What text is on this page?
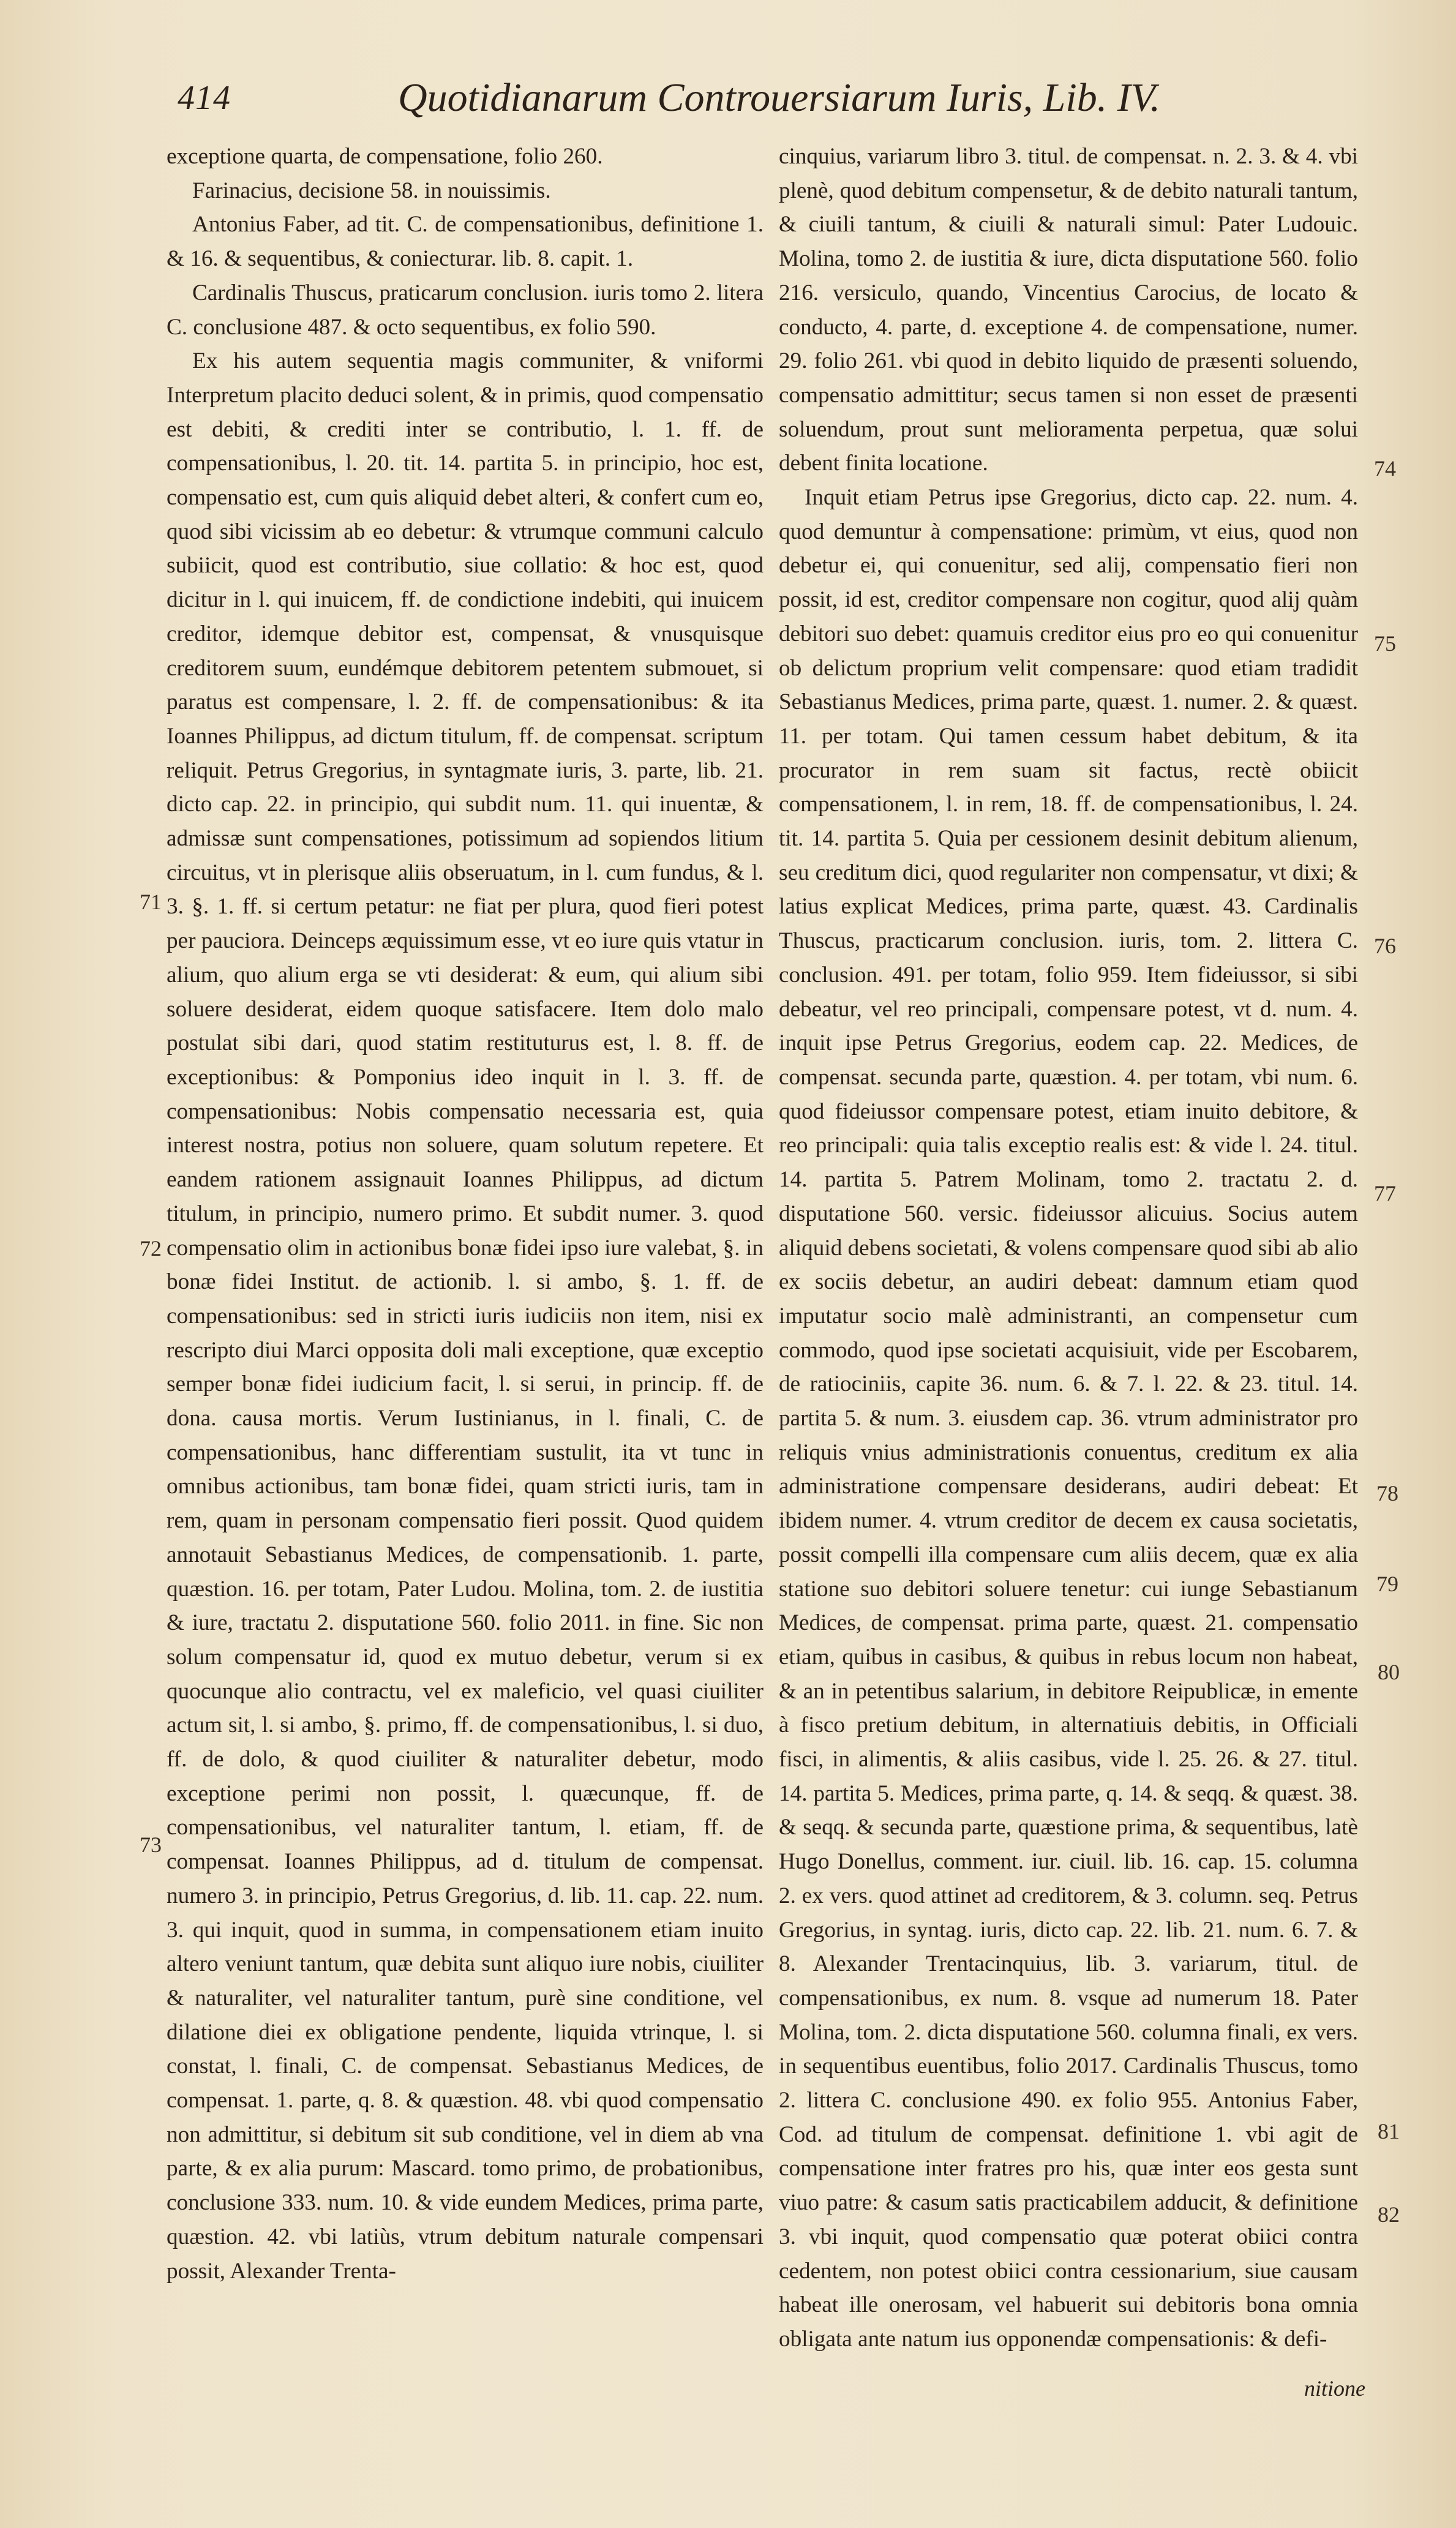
414	Quotidianarum Controuersiarum Iuris, Lib. IV.

exceptione quarta, de compensatione, folio 260.

Farinacius, decisione 58. in nouissimis.

Antonius Faber, ad tit. C. de compensationibus, definitione 1. & 16. & sequentibus, & coniecturar. lib. 8. capit. 1.

Cardinalis Thuscus, praticarum conclusion. iuris tomo 2. litera C. conclusione 487. & octo sequentibus, ex folio 590.

Ex his autem sequentia magis communiter, & vniformi Interpretum placito deduci solent, & in primis, quod compensatio est debiti, & crediti inter se contributio, l. 1. ff. de compensationibus, l. 20. tit. 14. partita 5. in principio, hoc est, compensatio est, cum quis aliquid debet alteri, & confert cum eo, quod sibi vicissim ab eo debetur: & vtrumque communi calculo subiicit, quod est contributio, siue collatio: & hoc est, quod dicitur in l. qui inuicem, ff. de condictione indebiti, qui inuicem creditor, idemque debitor est, compensat, & vnusquisque creditorem suum, eundémque debitorem petentem submouet, si paratus est compensare, l. 2. ff. de compensationibus: & ita Ioannes Philippus, ad dictum titulum, ff. de compensat. scriptum reliquit. Petrus Gregorius, in syntagmate iuris, 3. parte, lib. 21. dicto cap. 22. in principio, qui subdit num. 11. qui inuentæ, & admissæ sunt compensationes, potissimum ad sopiendos litium circuitus, vt in plerisque aliis obseruatum, in l. cum fundus, & l. 3. §. 1. ff. si certum petatur: ne fiat per plura, quod fieri potest per pauciora. Deinceps æquissimum esse, vt eo iure quis vtatur in alium, quo alium erga se vti desiderat: & eum, qui alium sibi soluere desiderat, eidem quoque satisfacere. Item dolo malo postulat sibi dari, quod statim restituturus est, l. 8. ff. de exceptionibus: & Pomponius ideo inquit in l. 3. ff. de compensationibus: Nobis compensatio necessaria est, quia interest nostra, potius non soluere, quam solutum repetere. Et eandem rationem assignauit Ioannes Philippus, ad dictum titulum, in principio, numero primo. Et subdit numer. 3. quod compensatio olim in actionibus bonæ fidei ipso iure valebat, §. in bonæ fidei Institut. de actionib. l. si ambo, §. 1. ff. de compensationibus: sed in stricti iuris iudiciis non item, nisi ex rescripto diui Marci opposita doli mali exceptione, quæ exceptio semper bonæ fidei iudicium facit, l. si serui, in princip. ff. de dona. causa mortis. Verum Iustinianus, in l. finali, C. de compensationibus, hanc differentiam sustulit, ita vt tunc in omnibus actionibus, tam bonæ fidei, quam stricti iuris, tam in rem, quam in personam compensatio fieri possit. Quod quidem annotauit Sebastianus Medices, de compensationib. 1. parte, quæstion. 16. per totam, Pater Ludou. Molina, tom. 2. de iustitia & iure, tractatu 2. disputatione 560. folio 2011. in fine. Sic non solum compensatur id, quod ex mutuo debetur, verum si ex quocunque alio contractu, vel ex maleficio, vel quasi ciuiliter actum sit, l. si ambo, §. primo, ff. de compensationibus, l. si duo, ff. de dolo, & quod ciuiliter & naturaliter debetur, modo exceptione perimi non possit, l. quæcunque, ff. de compensationibus, vel naturaliter tantum, l. etiam, ff. de compensat. Ioannes Philippus, ad d. titulum de compensat. numero 3. in principio, Petrus Gregorius, d. lib. 11. cap. 22. num. 3. qui inquit, quod in summa, in compensationem etiam inuito altero veniunt tantum, quæ debita sunt aliquo iure nobis, ciuiliter & naturaliter, vel naturaliter tantum, purè sine conditione, vel dilatione diei ex obligatione pendente, liquida vtrinque, l. si constat, l. finali, C. de compensat. Sebastianus Medices, de compensat. 1. parte, q. 8. & quæstion. 48. vbi quod compensatio non admittitur, si debitum sit sub conditione, vel in diem ab vna parte, & ex alia purum: Mascard. tomo primo, de probationibus, conclusione 333. num. 10. & vide eundem Medices, prima parte, quæstion. 42. vbi latiùs, vtrum debitum naturale compensari possit, Alexander Trenta-

cinquius, variarum libro 3. titul. de compensat. n. 2. 3. & 4. vbi plenè, quod debitum compensetur, & de debito naturali tantum, & ciuili tantum, & ciuili & naturali simul: Pater Ludouic. Molina, tomo 2. de iustitia & iure, dicta disputatione 560. folio 216. versiculo, quando, Vincentius Carocius, de locato & conducto, 4. parte, d. exceptione 4. de compensatione, numer. 29. folio 261. vbi quod in debito liquido de præsenti soluendo, compensatio admittitur; secus tamen si non esset de præsenti soluendum, prout sunt melioramenta perpetua, quæ solui debent finita locatione.

Inquit etiam Petrus ipse Gregorius, dicto cap. 22. num. 4. quod demuntur à compensatione: primùm, vt eius, quod non debetur ei, qui conuenitur, sed alij, compensatio fieri non possit, id est, creditor compensare non cogitur, quod alij quàm debitori suo debet: quamuis creditor eius pro eo qui conuenitur ob delictum proprium velit compensare: quod etiam tradidit Sebastianus Medices, prima parte, quæst. 1. numer. 2. & quæst. 11. per totam. Qui tamen cessum habet debitum, & ita procurator in rem suam sit factus, rectè obiicit compensationem, l. in rem, 18. ff. de compensationibus, l. 24. tit. 14. partita 5. Quia per cessionem desinit debitum alienum, seu creditum dici, quod regulariter non compensatur, vt dixi; & latius explicat Medices, prima parte, quæst. 43. Cardinalis Thuscus, practicarum conclusion. iuris, tom. 2. littera C. conclusion. 491. per totam, folio 959. Item fideiussor, si sibi debeatur, vel reo principali, compensare potest, vt d. num. 4. inquit ipse Petrus Gregorius, eodem cap. 22. Medices, de compensat. secunda parte, quæstion. 4. per totam, vbi num. 6. quod fideiussor compensare potest, etiam inuito debitore, & reo principali: quia talis exceptio realis est: & vide l. 24. titul. 14. partita 5. Patrem Molinam, tomo 2. tractatu 2. d. disputatione 560. versic. fideiussor alicuius. Socius autem aliquid debens societati, & volens compensare quod sibi ab alio ex sociis debetur, an audiri debeat: damnum etiam quod imputatur socio malè administranti, an compensetur cum commodo, quod ipse societati acquisiuit, vide per Escobarem, de ratiociniis, capite 36. num. 6. & 7. l. 22. & 23. titul. 14. partita 5. & num. 3. eiusdem cap. 36. vtrum administrator pro reliquis vnius administrationis conuentus, creditum ex alia administratione compensare desiderans, audiri debeat: Et ibidem numer. 4. vtrum creditor de decem ex causa societatis, possit compelli illa compensare cum aliis decem, quæ ex alia statione suo debitori soluere tenetur: cui iunge Sebastianum Medices, de compensat. prima parte, quæst. 21. compensatio etiam, quibus in casibus, & quibus in rebus locum non habeat, & an in petentibus salarium, in debitore Reipublicæ, in emente à fisco pretium debitum, in alternatiuis debitis, in Officiali fisci, in alimentis, & aliis casibus, vide l. 25. 26. & 27. titul. 14. partita 5. Medices, prima parte, q. 14. & seqq. & quæst. 38. & seqq. & secunda parte, quæstione prima, & sequentibus, latè Hugo Donellus, comment. iur. ciuil. lib. 16. cap. 15. columna 2. ex vers. quod attinet ad creditorem, & 3. column. seq. Petrus Gregorius, in syntag. iuris, dicto cap. 22. lib. 21. num. 6. 7. & 8. Alexander Trentacinquius, lib. 3. variarum, titul. de compensationibus, ex num. 8. vsque ad numerum 18. Pater Molina, tom. 2. dicta disputatione 560. columna finali, ex vers. in sequentibus euentibus, folio 2017. Cardinalis Thuscus, tomo 2. littera C. conclusione 490. ex folio 955. Antonius Faber, Cod. ad titulum de compensat. definitione 1. vbi agit de compensatione inter fratres pro his, quæ inter eos gesta sunt viuo patre: & casum satis practicabilem adducit, & definitione 3. vbi inquit, quod compensatio quæ poterat obiici contra cedentem, non potest obiici contra cessionarium, siue causam habeat ille onerosam, vel habuerit sui debitoris bona omnia obligata ante natum ius opponendæ compensationis: & defi-

71
72
73
74
75
76
77
78
79
80
81
82
nitione
